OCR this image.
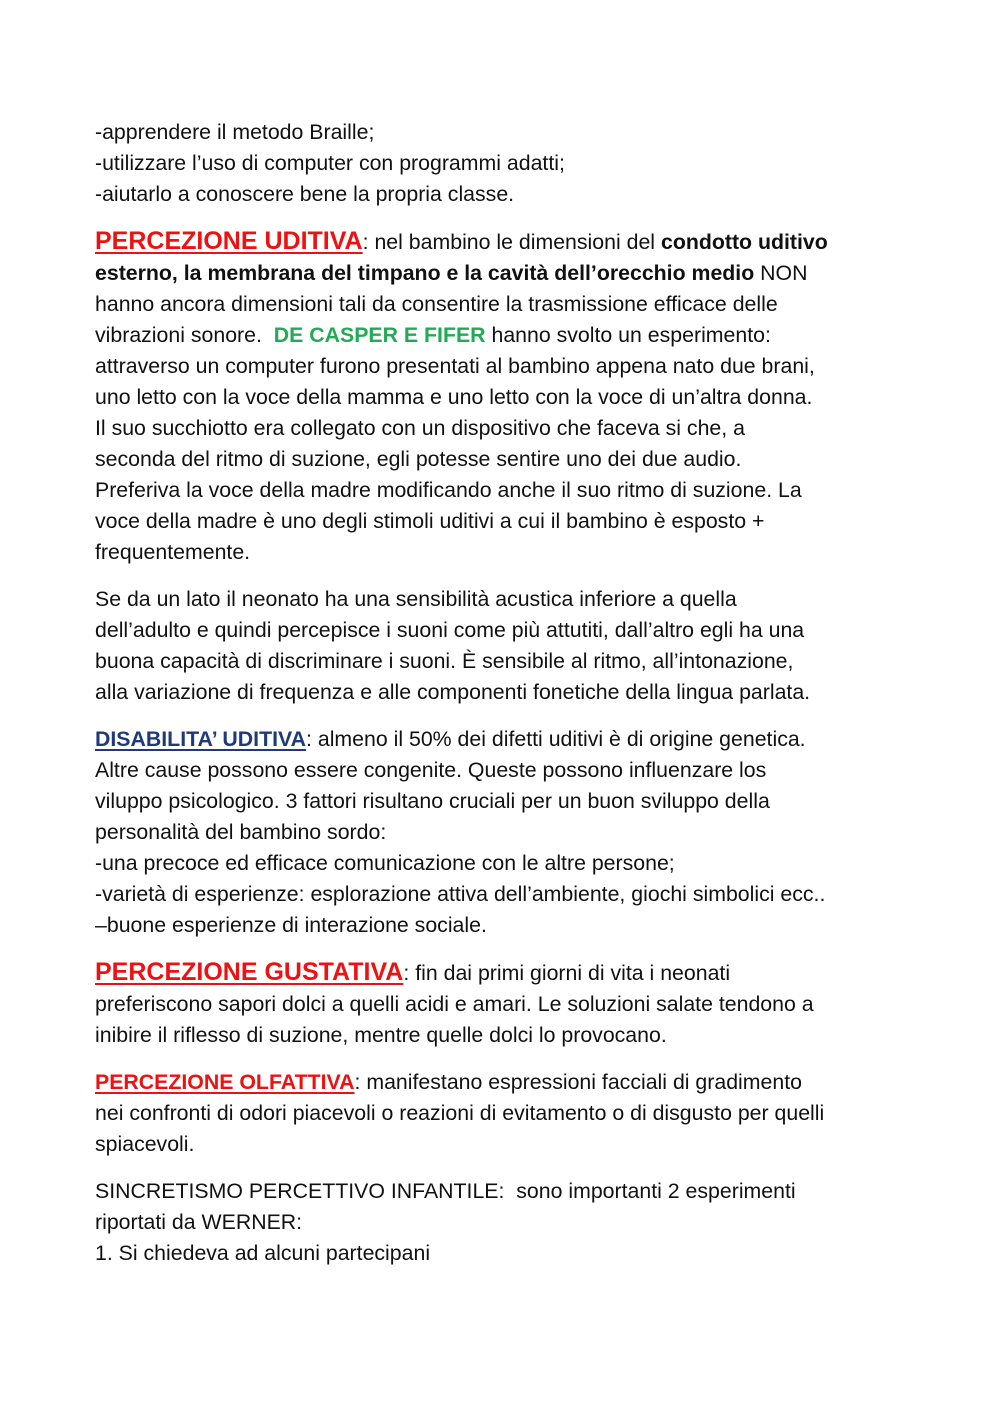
-apprendere il metodo Braille;
-utilizzare l’uso di computer con programmi adatti;
-aiutarlo a conoscere bene la propria classe.
PERCEZIONE UDITIVA: nel bambino le dimensioni del condotto uditivo
esterno, la membrana del timpano e la cavità dell’orecchio medio NON
hanno ancora dimensioni tali da consentire la trasmissione efficace delle
vibrazioni sonore.  DE CASPER E FIFER hanno svolto un esperimento:
attraverso un computer furono presentati al bambino appena nato due brani,
uno letto con la voce della mamma e uno letto con la voce di un’altra donna.
Il suo succhiotto era collegato con un dispositivo che faceva si che, a
seconda del ritmo di suzione, egli potesse sentire uno dei due audio.
Preferiva la voce della madre modificando anche il suo ritmo di suzione. La
voce della madre è uno degli stimoli uditivi a cui il bambino è esposto +
frequentemente.
Se da un lato il neonato ha una sensibilità acustica inferiore a quella
dell’adulto e quindi percepisce i suoni come più attutiti, dall’altro egli ha una
buona capacità di discriminare i suoni. È sensibile al ritmo, all’intonazione,
alla variazione di frequenza e alle componenti fonetiche della lingua parlata.
DISABILITA’ UDITIVA: almeno il 50% dei difetti uditivi è di origine genetica.
Altre cause possono essere congenite. Queste possono influenzare los
viluppo psicologico. 3 fattori risultano cruciali per un buon sviluppo della
personalità del bambino sordo:
-una precoce ed efficace comunicazione con le altre persone;
-varietà di esperienze: esplorazione attiva dell’ambiente, giochi simbolici ecc..
–buone esperienze di interazione sociale.
PERCEZIONE GUSTATIVA: fin dai primi giorni di vita i neonati
preferiscono sapori dolci a quelli acidi e amari. Le soluzioni salate tendono a
inibire il riflesso di suzione, mentre quelle dolci lo provocano.
PERCEZIONE OLFATTIVA: manifestano espressioni facciali di gradimento
nei confronti di odori piacevoli o reazioni di evitamento o di disgusto per quelli
spiacevoli.
SINCRETISMO PERCETTIVO INFANTILE:  sono importanti 2 esperimenti
riportati da WERNER:
1. Si chiedeva ad alcuni partecipani
